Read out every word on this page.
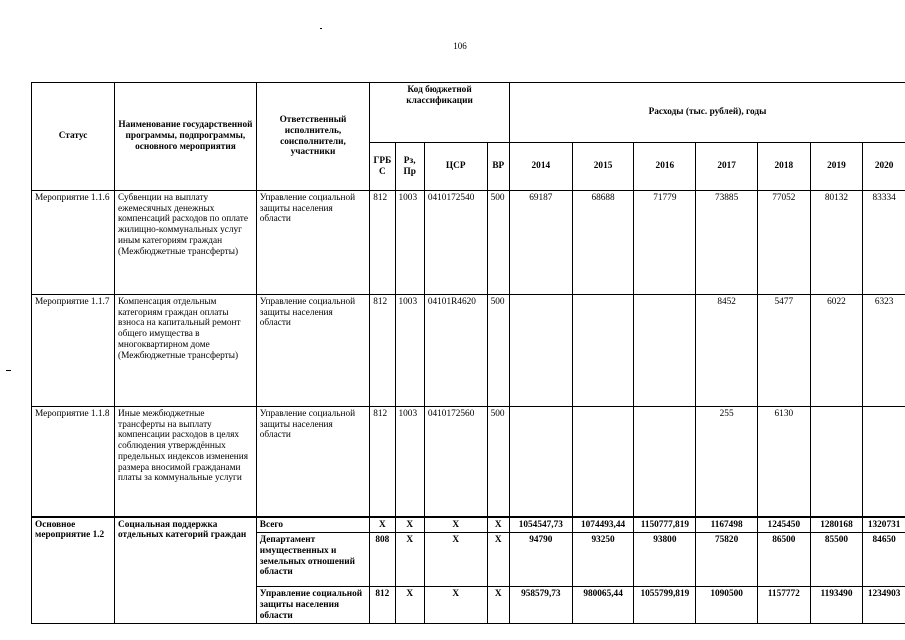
106
Статус	Наименование государственной программы, подпрограммы, основного мероприятия	Ответственный исполнитель, соисполнители, участники	Код бюджетной классификации				Расходы (тыс. рублей), годы						
			ГРБ С	Рз, Пр	ЦСР	ВР	2014	2015	2016	2017	2018	2019	2020
Мероприятие 1.1.6	Субвенции на выплату ежемесячных денежных компенсаций расходов по оплате жилищно-коммунальных услуг иным категориям граждан (Межбюджетные трансферты)	Управление социальной защиты населения области	812	1003	0410172540	500	69187	68688	71779	73885	77052	80132	83334
Мероприятие 1.1.7	Компенсация отдельным категориям граждан оплаты взноса на капитальный ремонт общего имущества в многоквартирном доме (Межбюджетные трансферты)	Управление социальной защиты населения области	812	1003	04101R4620	500				8452	5477	6022	6323
Мероприятие 1.1.8	Иные межбюджетные трансферты на выплату компенсации расходов в целях соблюдения утверждённых предельных индексов изменения размера вносимой гражданами платы за коммунальные услуги	Управление социальной защиты населения области	812	1003	0410172560	500				255	6130		
Основное мероприятие 1.2	Социальная поддержка отдельных категорий граждан	Всего	X	X	X	X	1054547,73	1074493,44	1150777,819	1167498	1245450	1280168	1320731
		Департамент имущественных и земельных отношений области	808	X	X	X	94790	93250	93800	75820	86500	85500	84650
		Управление социальной защиты населения области	812	X	X	X	958579,73	980065,44	1055799,819	1090500	1157772	1193490	1234903
